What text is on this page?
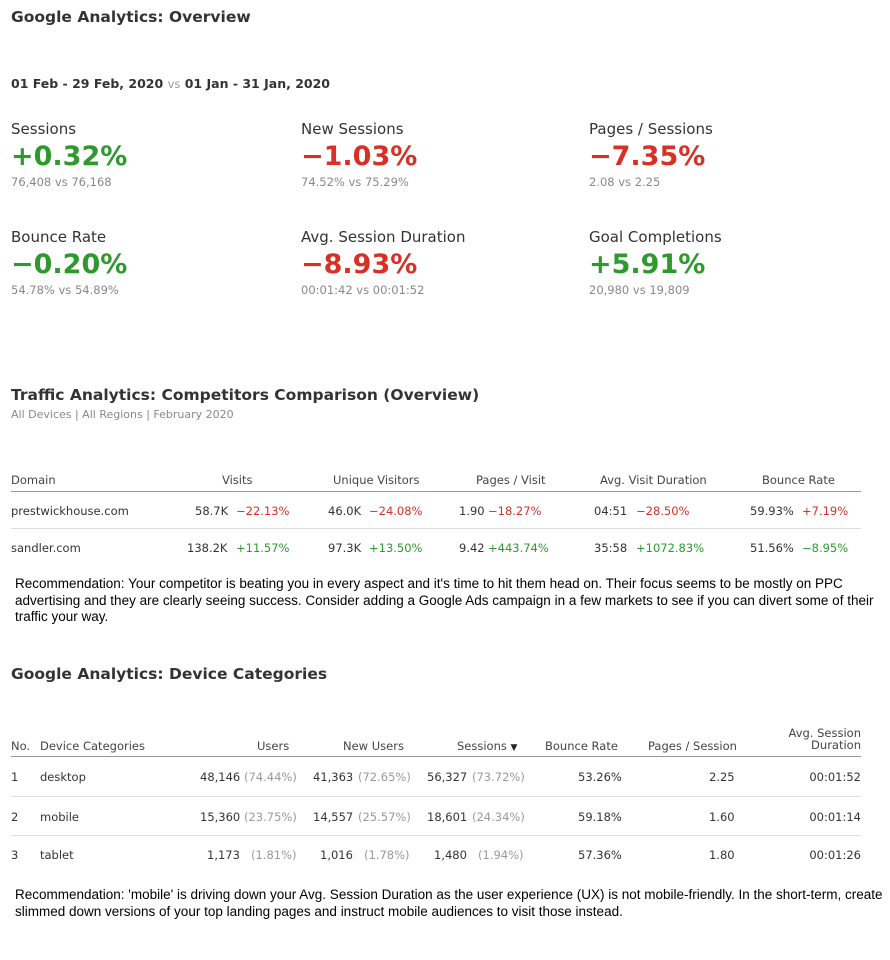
Google Analytics: Overview
01 Feb - 29 Feb, 2020 vs 01 Jan - 31 Jan, 2020
Sessions
+0.32%
76,408 vs 76,168
New Sessions
−1.03%
74.52% vs 75.29%
Pages / Sessions
−7.35%
2.08 vs 2.25
Bounce Rate
−0.20%
54.78% vs 54.89%
Avg. Session Duration
−8.93%
00:01:42 vs 00:01:52
Goal Completions
+5.91%
20,980 vs 19,809
Traffic Analytics: Competitors Comparison (Overview)
All Devices | All Regions | February 2020
Domain	Visits	Unique Visitors	Pages / Visit	Avg. Visit Duration	Bounce Rate
prestwickhouse.com	58.7K −22.13%	46.0K −24.08%	1.90 −18.27%	04:51 −28.50%	59.93% +7.19%
sandler.com	138.2K +11.57%	97.3K +13.50%	9.42 +443.74%	35:58 +1072.83%	51.56% −8.95%
Recommendation: Your competitor is beating you in every aspect and it's time to hit them head on. Their focus seems to be mostly on PPC advertising and they are clearly seeing success. Consider adding a Google Ads campaign in a few markets to see if you can divert some of their traffic your way.
Google Analytics: Device Categories
No. Device Categories	Users	New Users	Sessions ▼ Bounce Rate	Pages / Session
Avg. Session
Duration
1 desktop	48,146 (74.44%) 41,363 (72.65%) 56,327 (73.72%)	53.26%	2.25	00:01:52
2 mobile	15,360 (23.75%) 14,557 (25.57%) 18,601 (24.34%)	59.18%	1.60	00:01:14
3 tablet	1,173 (1.81%) 1,016 (1.78%) 1,480 (1.94%)	57.36%	1.80	00:01:26
Recommendation: 'mobile' is driving down your Avg. Session Duration as the user experience (UX) is not mobile-friendly. In the short-term, create slimmed down versions of your top landing pages and instruct mobile audiences to visit those instead.
